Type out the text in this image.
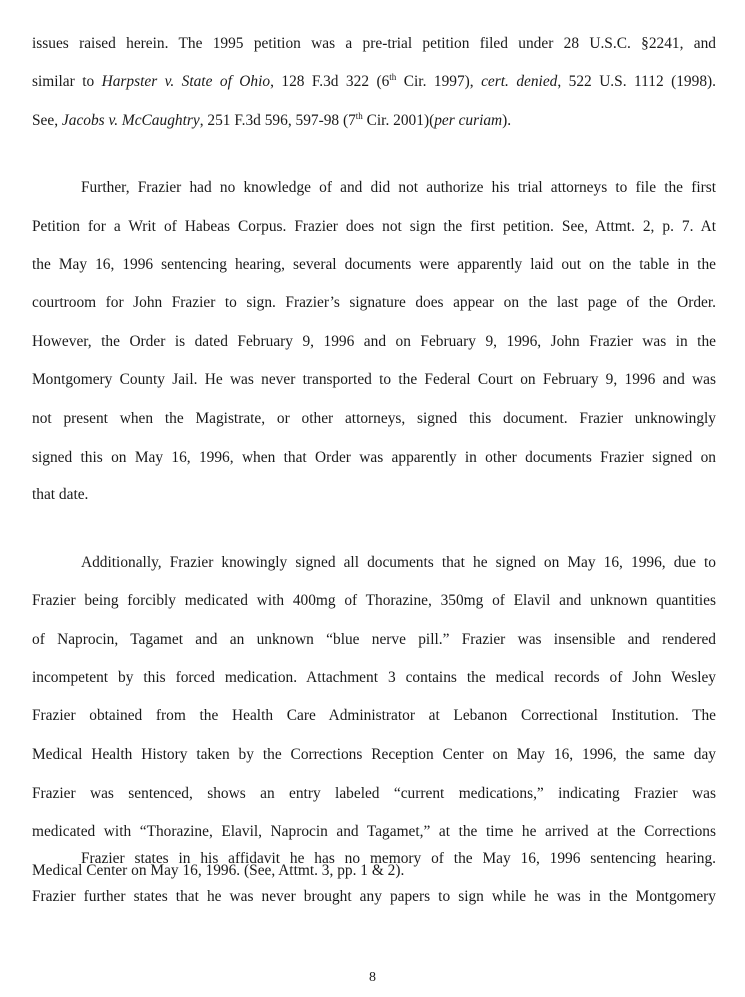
issues raised herein. The 1995 petition was a pre-trial petition filed under 28 U.S.C. §2241, and
similar to Harpster v. State of Ohio, 128 F.3d 322 (6th Cir. 1997), cert. denied, 522 U.S. 1112 (1998).
See, Jacobs v. McCaughtry, 251 F.3d 596, 597-98 (7th Cir. 2001)(per curiam).
Further, Frazier had no knowledge of and did not authorize his trial attorneys to file the first
Petition for a Writ of Habeas Corpus. Frazier does not sign the first petition. See, Attmt. 2, p. 7. At
the May 16, 1996 sentencing hearing, several documents were apparently laid out on the table in the
courtroom for John Frazier to sign. Frazier’s signature does appear on the last page of the Order.
However, the Order is dated February 9, 1996 and on February 9, 1996, John Frazier was in the
Montgomery County Jail. He was never transported to the Federal Court on February 9, 1996 and was
not present when the Magistrate, or other attorneys, signed this document. Frazier unknowingly
signed this on May 16, 1996, when that Order was apparently in other documents Frazier signed on
that date.
Additionally, Frazier knowingly signed all documents that he signed on May 16, 1996, due to
Frazier being forcibly medicated with 400mg of Thorazine, 350mg of Elavil and unknown quantities
of Naprocin, Tagamet and an unknown “blue nerve pill.” Frazier was insensible and rendered
incompetent by this forced medication. Attachment 3 contains the medical records of John Wesley
Frazier obtained from the Health Care Administrator at Lebanon Correctional Institution. The
Medical Health History taken by the Corrections Reception Center on May 16, 1996, the same day
Frazier was sentenced, shows an entry labeled “current medications,” indicating Frazier was
medicated with “Thorazine, Elavil, Naprocin and Tagamet,” at the time he arrived at the Corrections
Medical Center on May 16, 1996. (See, Attmt. 3, pp. 1 & 2).
Frazier states in his affidavit he has no memory of the May 16, 1996 sentencing hearing.
Frazier further states that he was never brought any papers to sign while he was in the Montgomery
8
